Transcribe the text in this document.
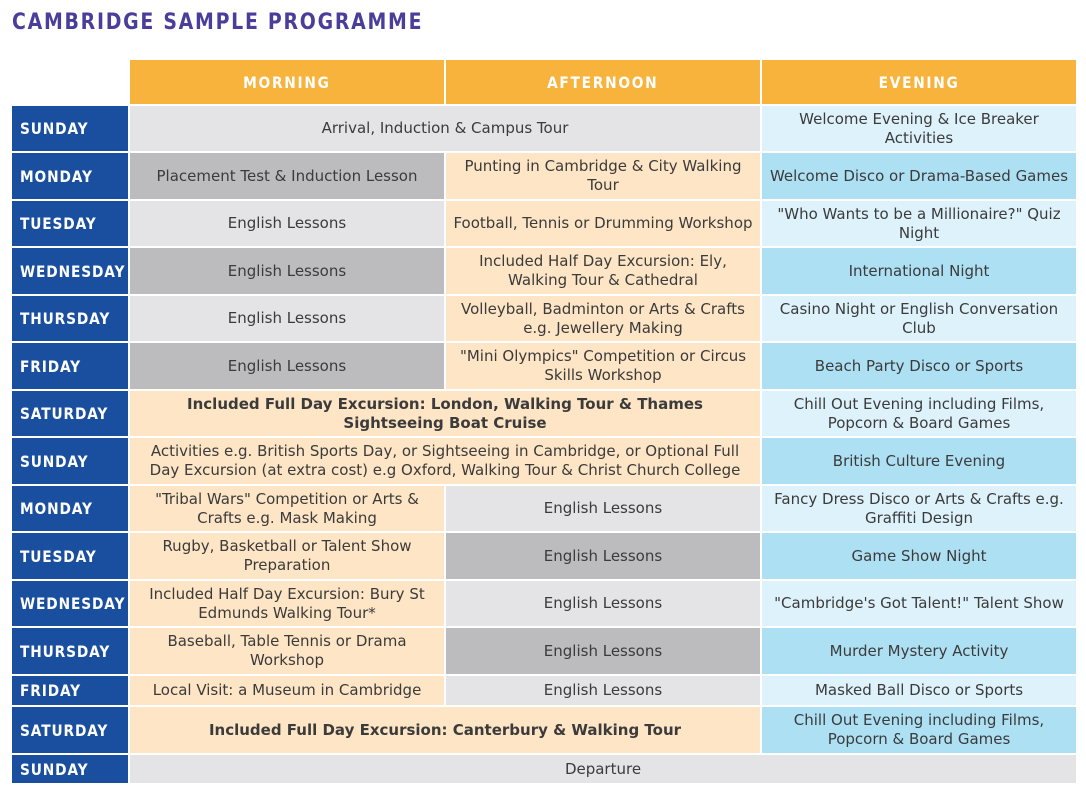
CAMBRIDGE SAMPLE PROGRAMME
	MORNING	AFTERNOON	EVENING
SUNDAY	Arrival, Induction & Campus Tour		Welcome Evening & Ice Breaker Activities
MONDAY	Placement Test & Induction Lesson	Punting in Cambridge & City Walking Tour	Welcome Disco or Drama-Based Games
TUESDAY	English Lessons	Football, Tennis or Drumming Workshop	"Who Wants to be a Millionaire?" Quiz Night
WEDNESDAY	English Lessons	Included Half Day Excursion: Ely, Walking Tour & Cathedral	International Night
THURSDAY	English Lessons	Volleyball, Badminton or Arts & Crafts e.g. Jewellery Making	Casino Night or English Conversation Club
FRIDAY	English Lessons	"Mini Olympics" Competition or Circus Skills Workshop	Beach Party Disco or Sports
SATURDAY	Included Full Day Excursion: London, Walking Tour & Thames Sightseeing Boat Cruise		Chill Out Evening including Films, Popcorn & Board Games
SUNDAY	Activities e.g. British Sports Day, or Sightseeing in Cambridge, or Optional Full Day Excursion (at extra cost) e.g Oxford, Walking Tour & Christ Church College		British Culture Evening
MONDAY	"Tribal Wars" Competition or Arts & Crafts e.g. Mask Making	English Lessons	Fancy Dress Disco or Arts & Crafts e.g. Graffiti Design
TUESDAY	Rugby, Basketball or Talent Show Preparation	English Lessons	Game Show Night
WEDNESDAY	Included Half Day Excursion: Bury St Edmunds Walking Tour*	English Lessons	"Cambridge's Got Talent!" Talent Show
THURSDAY	Baseball, Table Tennis or Drama Workshop	English Lessons	Murder Mystery Activity
FRIDAY	Local Visit: a Museum in Cambridge	English Lessons	Masked Ball Disco or Sports
SATURDAY	Included Full Day Excursion: Canterbury & Walking Tour		Chill Out Evening including Films, Popcorn & Board Games
SUNDAY	Departure		
